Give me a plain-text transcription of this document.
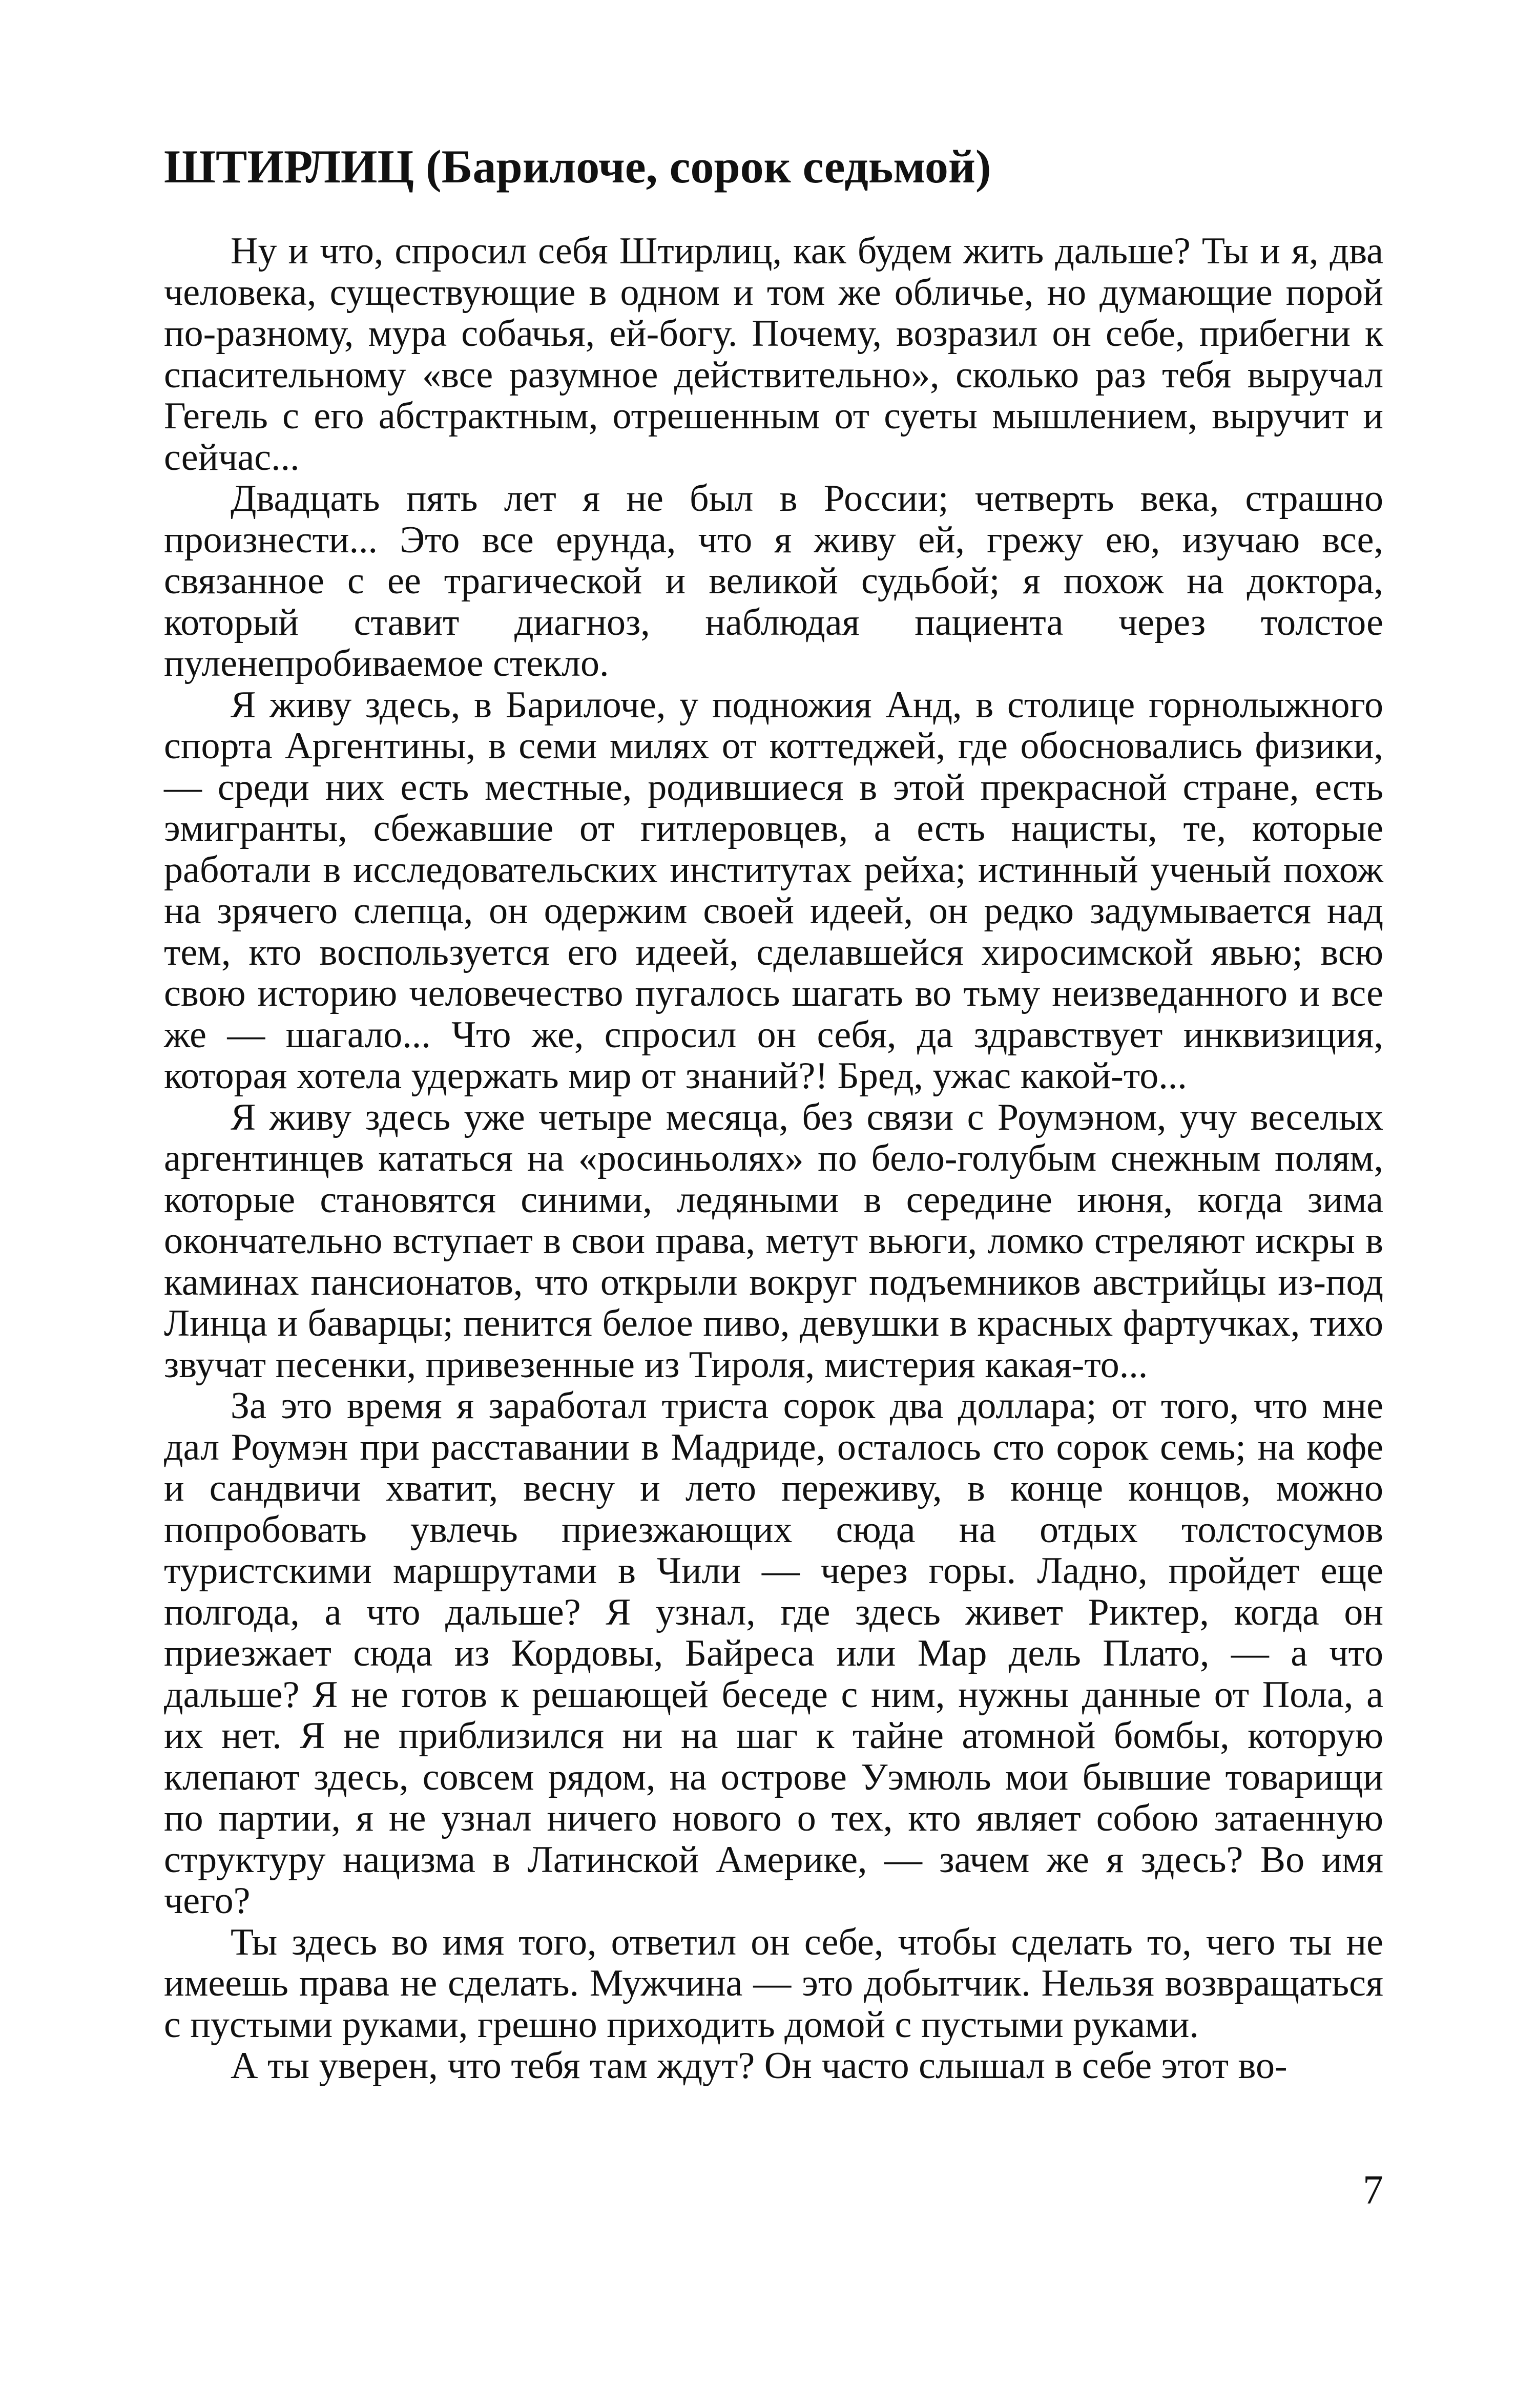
ШТИРЛИЦ (Барилоче, сорок седьмой)

Ну и что, спросил себя Штирлиц, как будем жить дальше? Ты и я, два человека, существующие в одном и том же обличье, но думающие порой по-разному, мура собачья, ей-богу. Почему, возразил он себе, прибегни к спасительному «все разумное действительно», сколько раз тебя выручал Гегель с его абстрактным, отрешенным от суеты мышлением, выручит и сейчас...

Двадцать пять лет я не был в России; четверть века, страшно произнести... Это все ерунда, что я живу ей, грежу ею, изучаю все, связанное с ее трагической и великой судьбой; я похож на доктора, который ставит диагноз, наблюдая пациента через толстое пуленепробиваемое стекло.

Я живу здесь, в Барилоче, у подножия Анд, в столице горнолыжного спорта Аргентины, в семи милях от коттеджей, где обосновались физики, — среди них есть местные, родившиеся в этой прекрасной стране, есть эмигранты, сбежавшие от гитлеровцев, а есть нацисты, те, которые работали в исследовательских институтах рейха; истинный ученый похож на зрячего слепца, он одержим своей идеей, он редко задумывается над тем, кто воспользуется его идеей, сделавшейся хиросимской явью; всю свою историю человечество пугалось шагать во тьму неизведанного и все же — шагало... Что же, спросил он себя, да здравствует инквизиция, которая хотела удержать мир от знаний?! Бред, ужас какой-то...

Я живу здесь уже четыре месяца, без связи с Роумэном, учу веселых аргентинцев кататься на «росиньолях» по бело-голубым снежным полям, которые становятся синими, ледяными в середине июня, когда зима окончательно вступает в свои права, метут вьюги, ломко стреляют искры в каминах пансионатов, что открыли вокруг подъемников австрийцы из-под Линца и баварцы; пенится белое пиво, девушки в красных фартучках, тихо звучат песенки, привезенные из Тироля, мистерия какая-то...

За это время я заработал триста сорок два доллара; от того, что мне дал Роумэн при расставании в Мадриде, осталось сто сорок семь; на кофе и сандвичи хватит, весну и лето переживу, в конце концов, можно попробовать увлечь приезжающих сюда на отдых толстосумов туристскими маршрутами в Чили — через горы. Ладно, пройдет еще полгода, а что дальше? Я узнал, где здесь живет Риктер, когда он приезжает сюда из Кордовы, Байреса или Мар дель Плато, — а что дальше? Я не готов к решающей беседе с ним, нужны данные от Пола, а их нет. Я не приблизился ни на шаг к тайне атомной бомбы, которую клепают здесь, совсем рядом, на острове Уэмюль мои бывшие товарищи по партии, я не узнал ничего нового о тех, кто являет собою затаенную структуру нацизма в Латинской Америке, — зачем же я здесь? Во имя чего?

Ты здесь во имя того, ответил он себе, чтобы сделать то, чего ты не имеешь права не сделать. Мужчина — это добытчик. Нельзя возвращаться с пустыми руками, грешно приходить домой с пустыми руками.

А ты уверен, что тебя там ждут? Он часто слышал в себе этот во-

7
